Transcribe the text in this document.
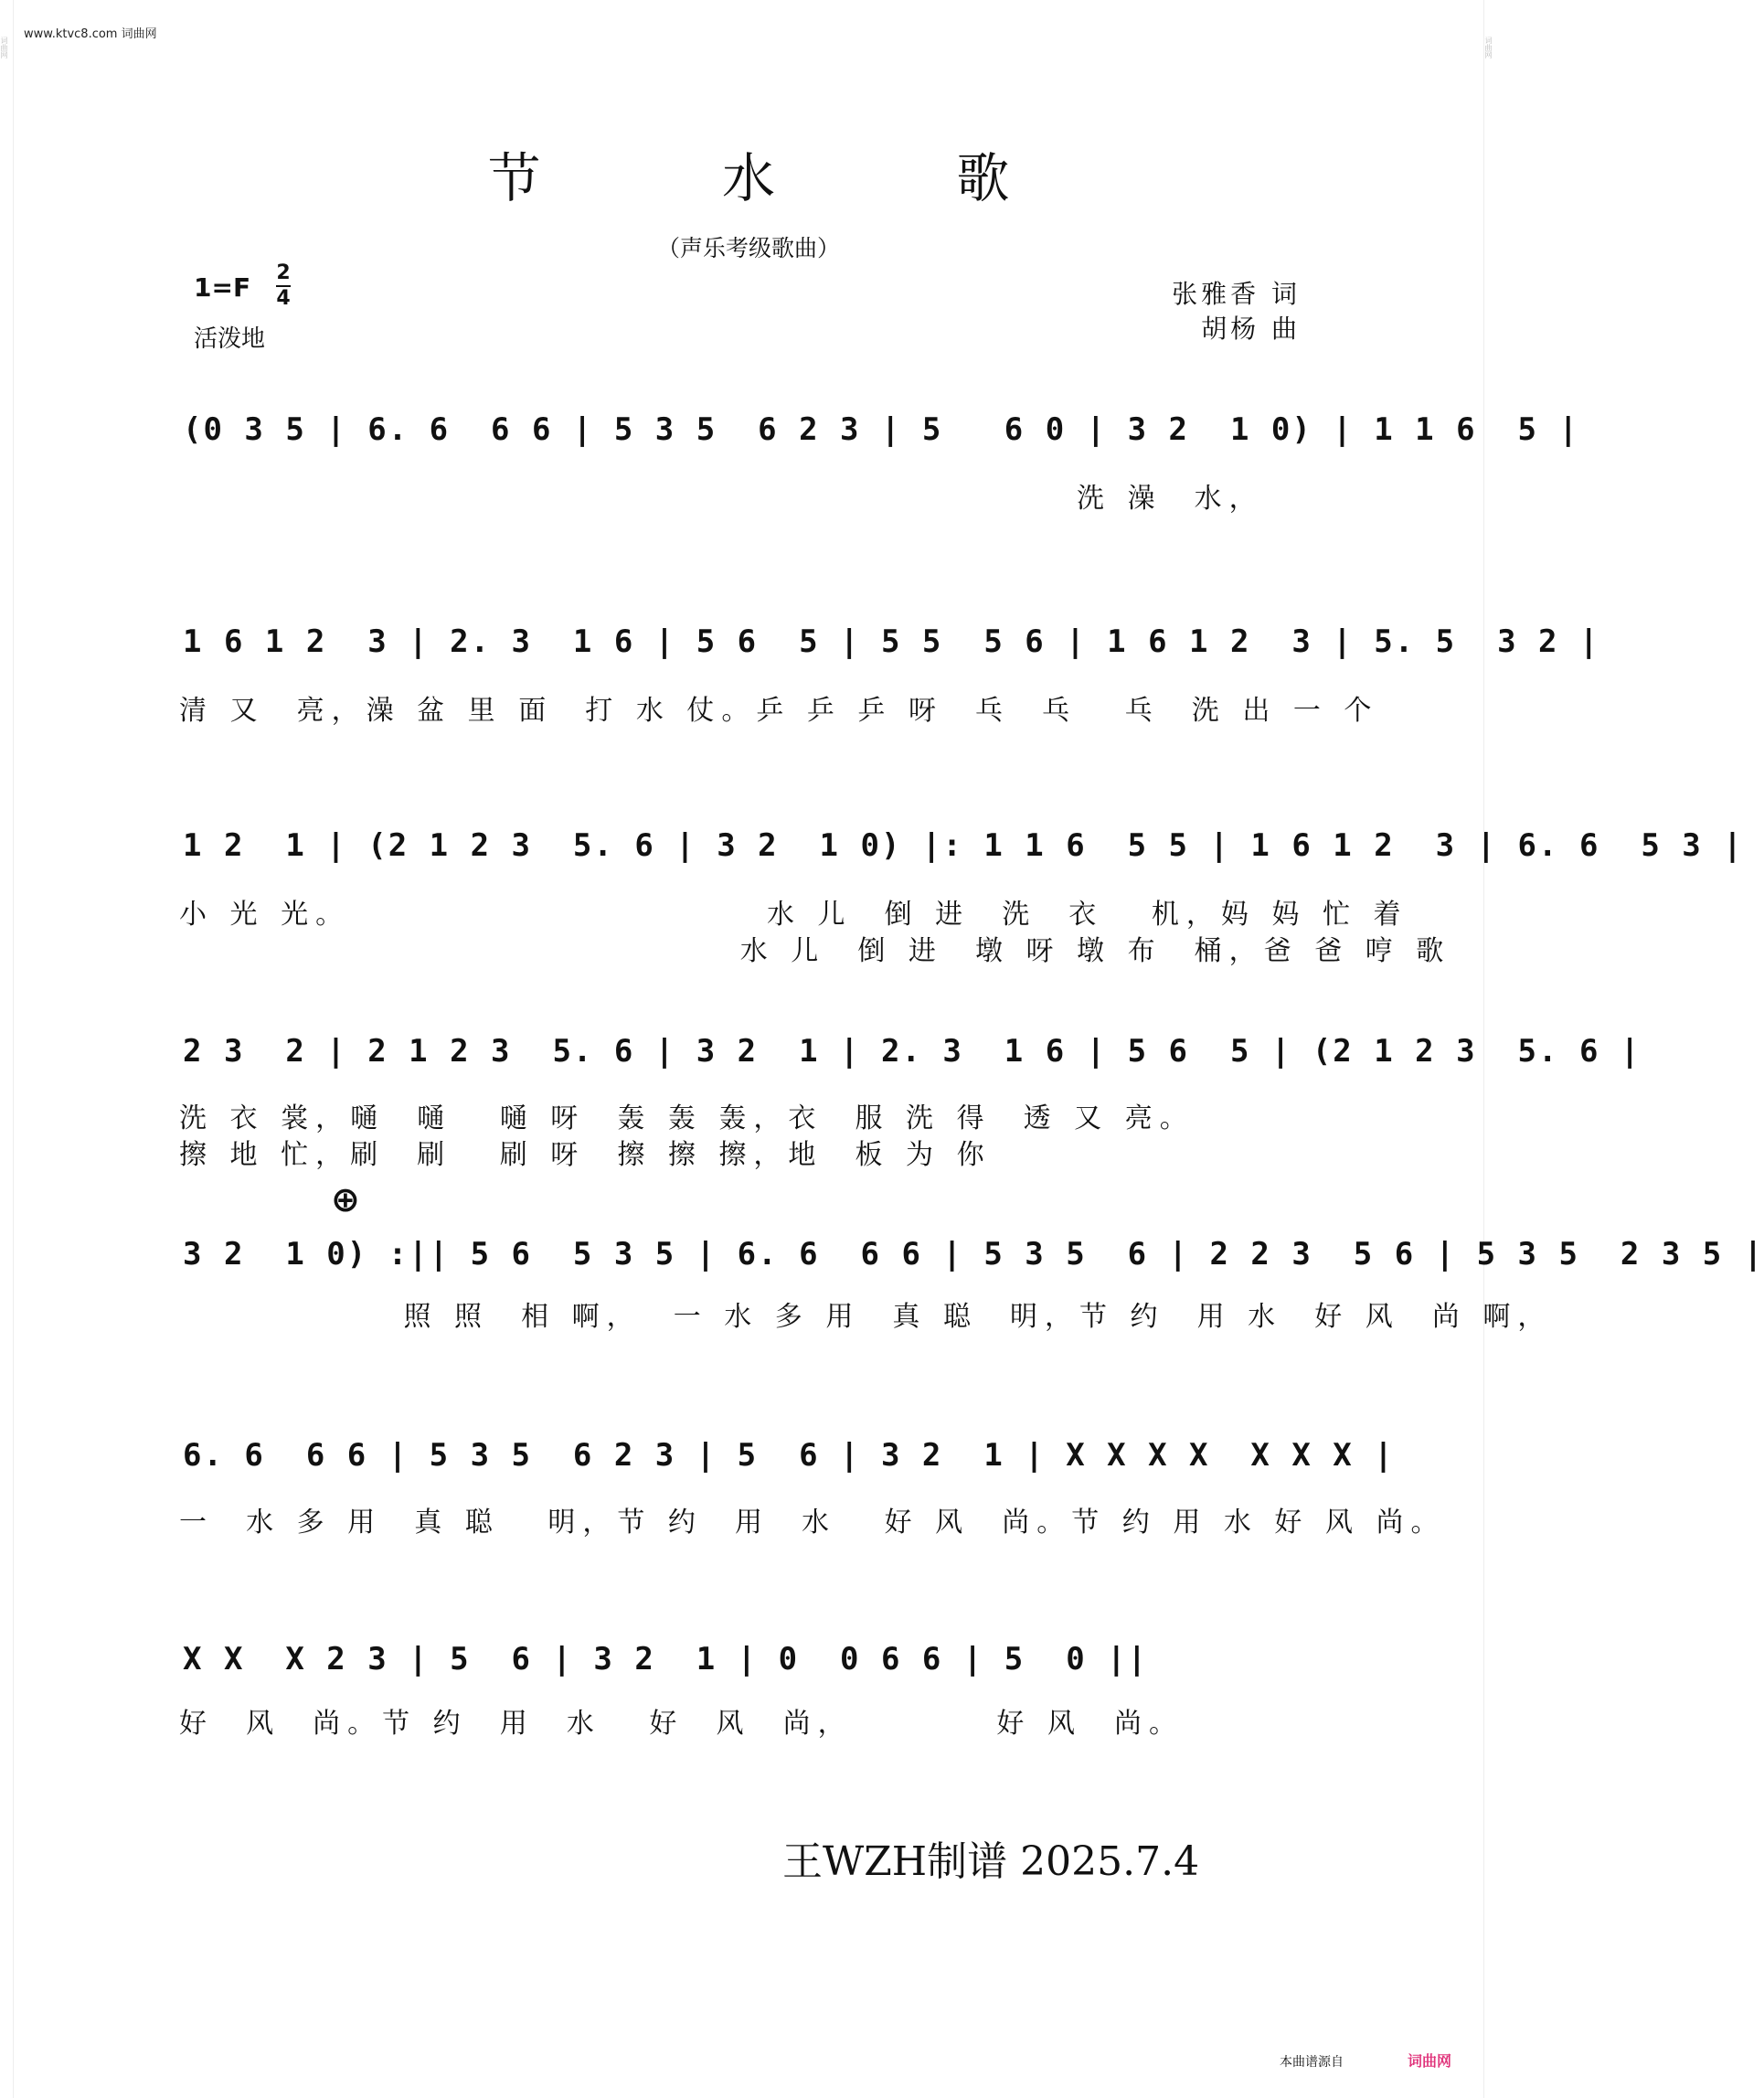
www.ktvc8.com 词曲网
词曲网	词曲网
节 水 歌
（声乐考级歌曲）
1=F 2
4
活泼地
张雅香 词
胡杨 曲
(0 3 5 | 6. 6  6 6 | 5 3 5  6 2 3 | 5   6 0 | 3 2  1 0) | 1 1 6  5 |
洗 澡  水，
1 6 1 2  3 | 2. 3  1 6 | 5 6  5 | 5 5  5 6 | 1 6 1 2  3 | 5. 5  3 2 |
清 又  亮，澡 盆 里 面  打 水 仗。乒 乒 乒 呀  乓  乓   乓  洗 出 一 个
1 2  1 | (2 1 2 3  5. 6 | 3 2  1 0) |: 1 1 6  5 5 | 1 6 1 2  3 | 6. 6  5 3 |
小 光 光。                          水 儿  倒 进  洗  衣   机，妈 妈 忙 着
水 儿  倒 进  墩 呀 墩 布  桶，爸 爸 哼 歌
2 3  2 | 2 1 2 3  5. 6 | 3 2  1 | 2. 3  1 6 | 5 6  5 | (2 1 2 3  5. 6 |
洗 衣 裳，嗵  嗵   嗵 呀  轰 轰 轰，衣  服 洗 得  透 又 亮。
擦 地 忙，刷  刷   刷 呀  擦 擦 擦，地  板 为 你
⊕
3 2  1 0) :|| 5 6  5 3 5 | 6. 6  6 6 | 5 3 5  6 | 2 2 3  5 6 | 5 3 5  2 3 5 |
照 照  相 啊，  一 水 多 用  真 聪  明，节 约  用 水  好 风  尚 啊，
6. 6  6 6 | 5 3 5  6 2 3 | 5  6 | 3 2  1 | X X X X  X X X |
一  水 多 用  真 聪   明，节 约  用  水   好 风  尚。节 约 用 水 好 风 尚。
X X  X 2 3 | 5  6 | 3 2  1 | 0  0 6 6 | 5  0 ||
好  风  尚。节 约  用  水   好  风  尚，         好 风  尚。
王WZH制谱 2025.7.4
本曲谱源自	词曲网
